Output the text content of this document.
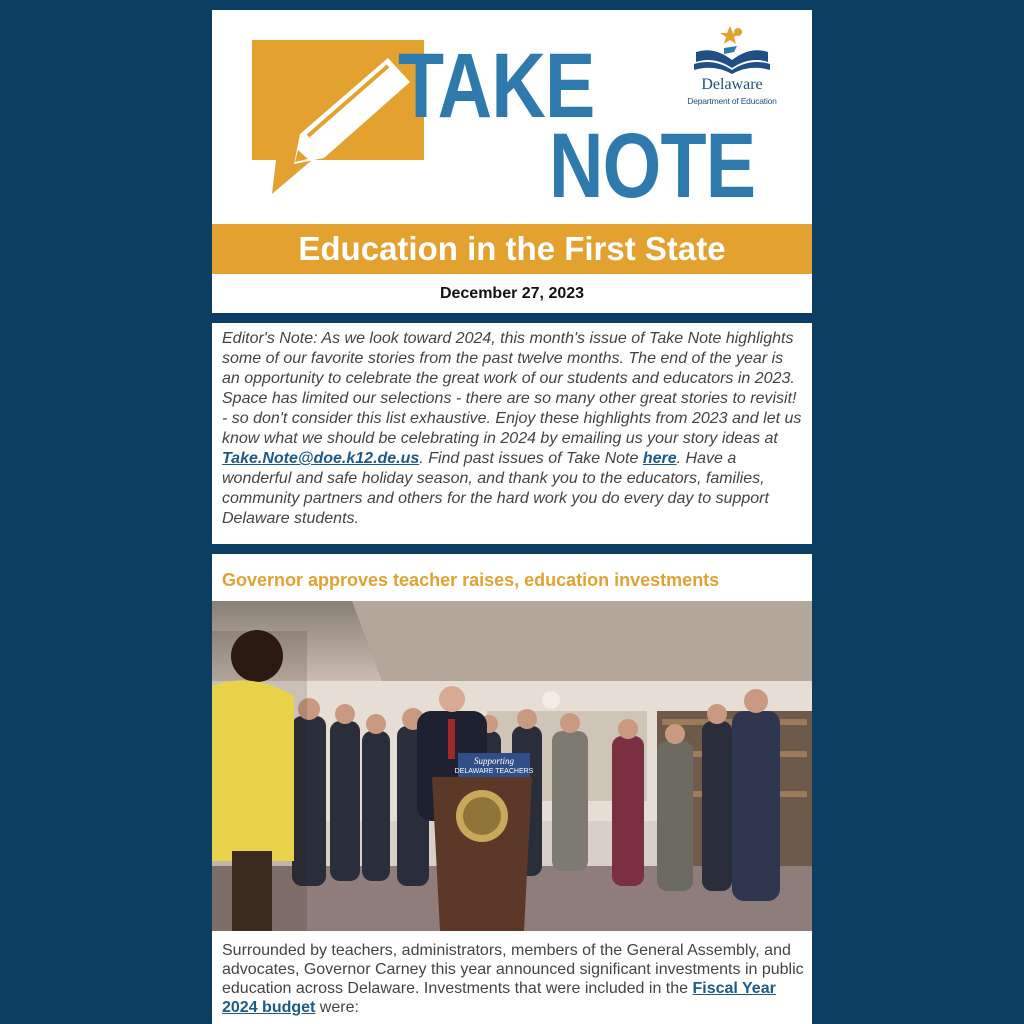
TAKE
NOTE
Delaware
Department of Education
Education in the First State
December 27, 2023

Editor's Note: As we look toward 2024, this month's issue of Take Note highlights some of our favorite stories from the past twelve months. The end of the year is an opportunity to celebrate the great work of our students and educators in 2023. Space has limited our selections - there are so many other great stories to revisit! - so don't consider this list exhaustive. Enjoy these highlights from 2023 and let us know what we should be celebrating in 2024 by emailing us your story ideas at Take.Note@doe.k12.de.us. Find past issues of Take Note here. Have a wonderful and safe holiday season, and thank you to the educators, families, community partners and others for the hard work you do every day to support Delaware students.

Governor approves teacher raises, education investments
Supporting
DELAWARE TEACHERS

Surrounded by teachers, administrators, members of the General Assembly, and advocates, Governor Carney this year announced significant investments in public education across Delaware. Investments that were included in the Fiscal Year 2024 budget were:
